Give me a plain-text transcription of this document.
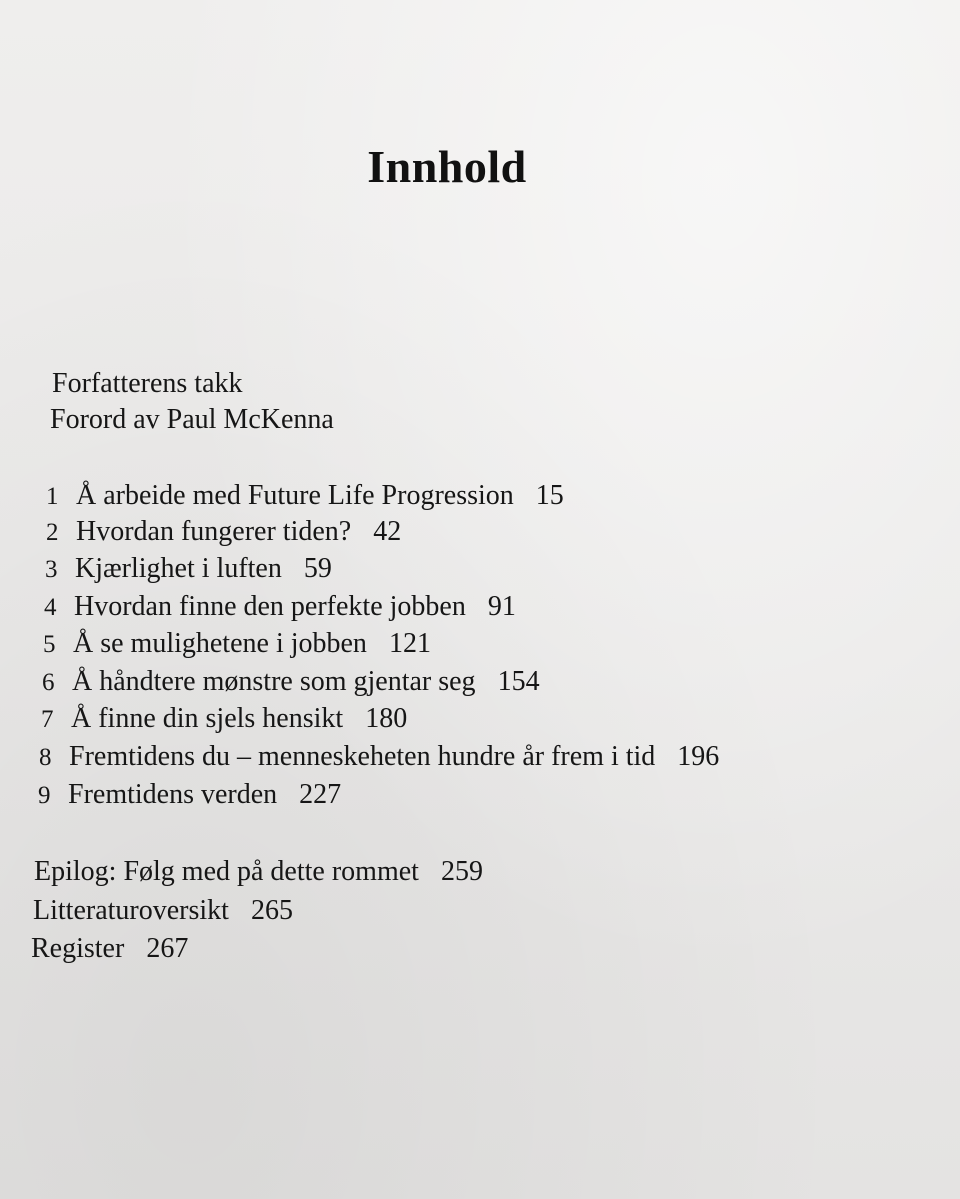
Innhold
Forfatterens takk
Forord av Paul McKenna
1 Å arbeide med Future Life Progression 15
2 Hvordan fungerer tiden? 42
3 Kjærlighet i luften 59
4 Hvordan finne den perfekte jobben 91
5 Å se mulighetene i jobben 121
6 Å håndtere mønstre som gjentar seg 154
7 Å finne din sjels hensikt 180
8 Fremtidens du – menneskeheten hundre år frem i tid 196
9 Fremtidens verden 227
Epilog: Følg med på dette rommet 259
Litteraturoversikt 265
Register 267
